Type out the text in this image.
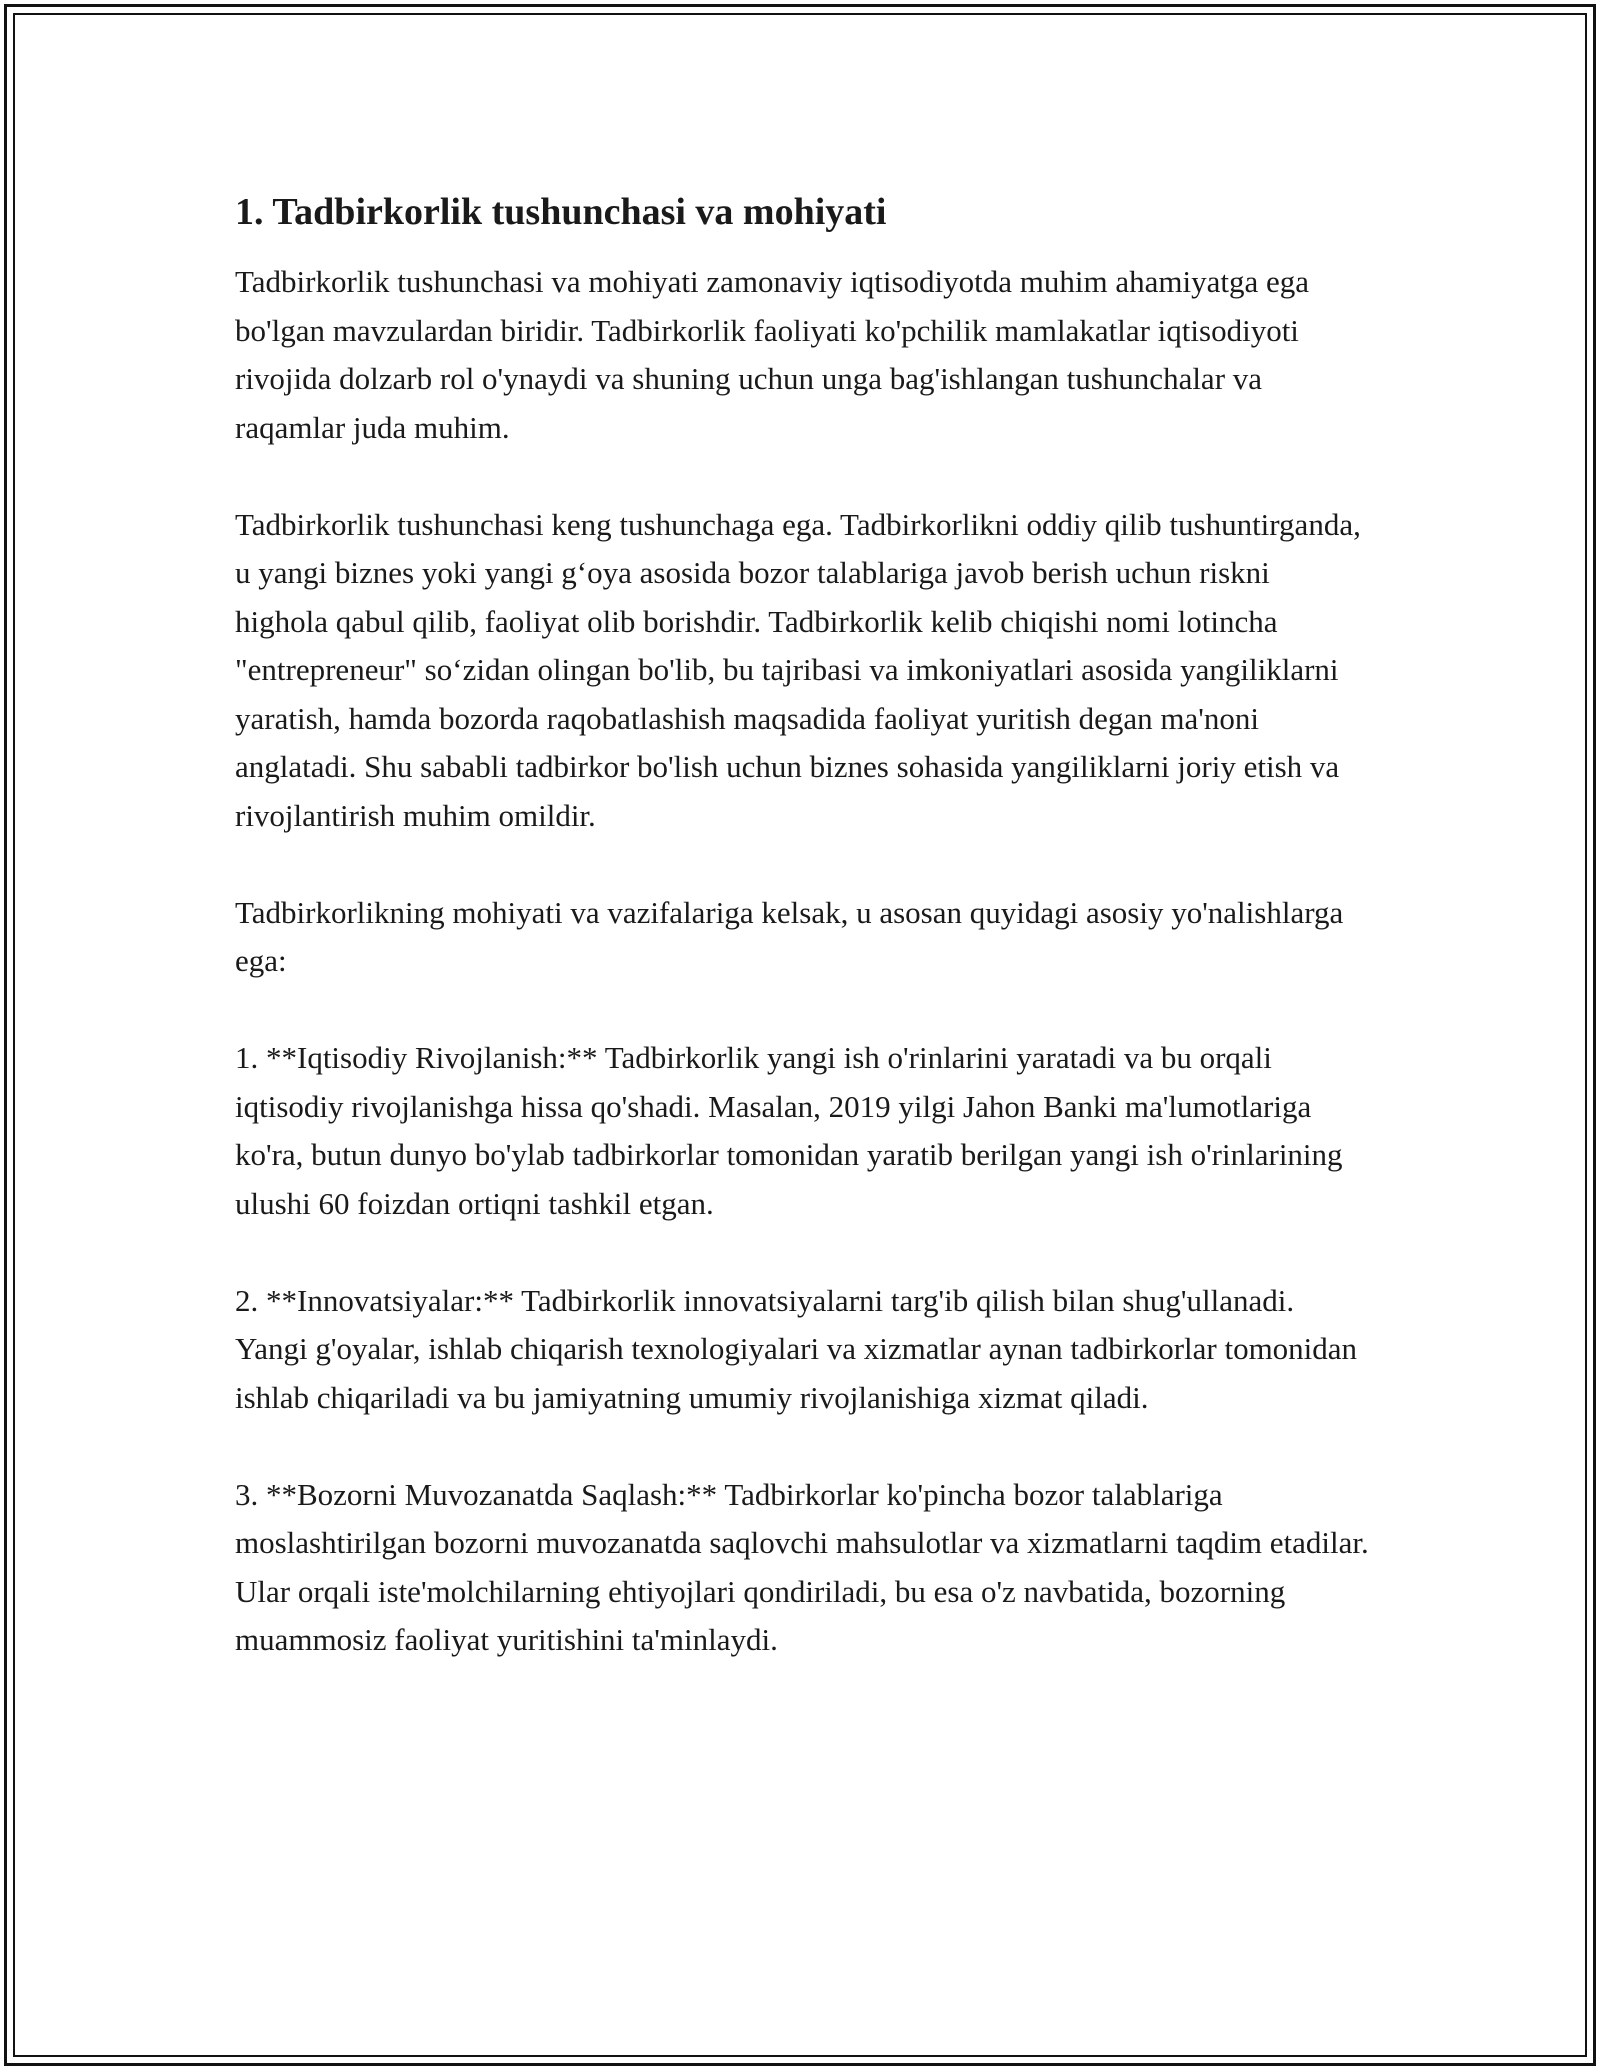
1. Tadbirkorlik tushunchasi va mohiyati

Tadbirkorlik tushunchasi va mohiyati zamonaviy iqtisodiyotda muhim ahamiyatga ega bo'lgan mavzulardan biridir. Tadbirkorlik faoliyati ko'pchilik mamlakatlar iqtisodiyoti rivojida dolzarb rol o'ynaydi va shuning uchun unga bag'ishlangan tushunchalar va raqamlar juda muhim.

Tadbirkorlik tushunchasi keng tushunchaga ega. Tadbirkorlikni oddiy qilib tushuntirganda, u yangi biznes yoki yangi g‘oya asosida bozor talablariga javob berish uchun riskni highola qabul qilib, faoliyat olib borishdir. Tadbirkorlik kelib chiqishi nomi lotincha "entrepreneur" so‘zidan olingan bo'lib, bu tajribasi va imkoniyatlari asosida yangiliklarni yaratish, hamda bozorda raqobatlashish maqsadida faoliyat yuritish degan ma'noni anglatadi. Shu sababli tadbirkor bo'lish uchun biznes sohasida yangiliklarni joriy etish va rivojlantirish muhim omildir.

Tadbirkorlikning mohiyati va vazifalariga kelsak, u asosan quyidagi asosiy yo'nalishlarga ega:

1. **Iqtisodiy Rivojlanish:** Tadbirkorlik yangi ish o'rinlarini yaratadi va bu orqali iqtisodiy rivojlanishga hissa qo'shadi. Masalan, 2019 yilgi Jahon Banki ma'lumotlariga ko'ra, butun dunyo bo'ylab tadbirkorlar tomonidan yaratib berilgan yangi ish o'rinlarining ulushi 60 foizdan ortiqni tashkil etgan.

2. **Innovatsiyalar:** Tadbirkorlik innovatsiyalarni targ'ib qilish bilan shug'ullanadi. Yangi g'oyalar, ishlab chiqarish texnologiyalari va xizmatlar aynan tadbirkorlar tomonidan ishlab chiqariladi va bu jamiyatning umumiy rivojlanishiga xizmat qiladi.

3. **Bozorni Muvozanatda Saqlash:** Tadbirkorlar ko'pincha bozor talablariga moslashtirilgan bozorni muvozanatda saqlovchi mahsulotlar va xizmatlarni taqdim etadilar. Ular orqali iste'molchilarning ehtiyojlari qondiriladi, bu esa o'z navbatida, bozorning muammosiz faoliyat yuritishini ta'minlaydi.
